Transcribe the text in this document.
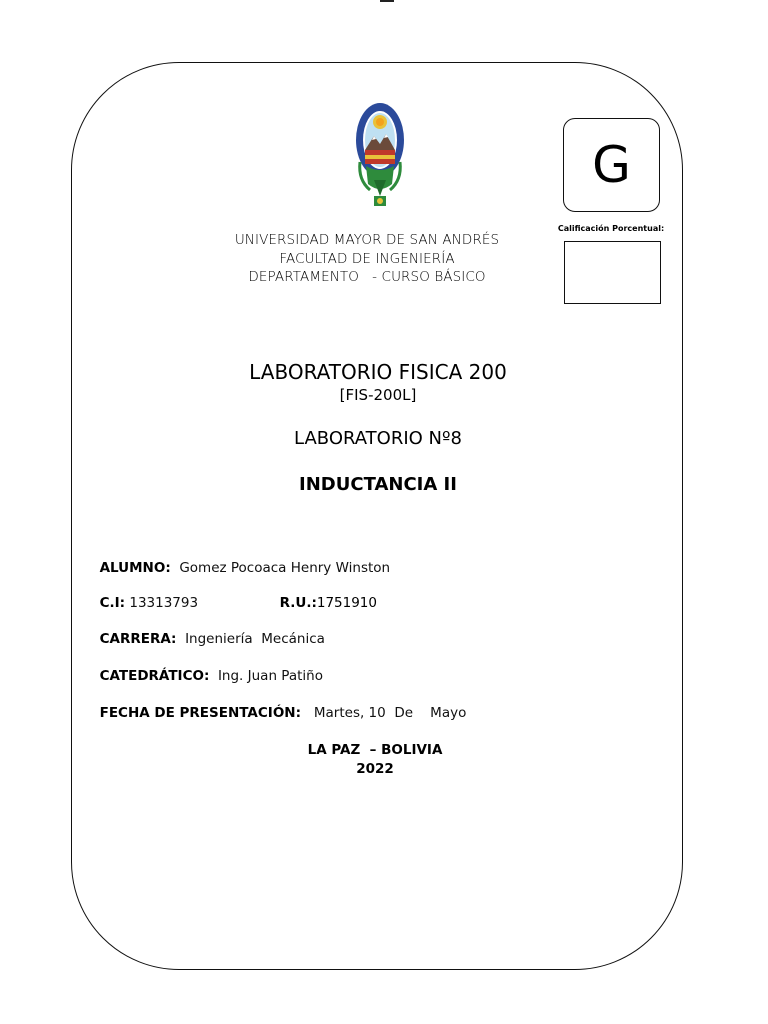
G
Calificación Porcentual:
UNIVERSIDAD MAYOR DE SAN ANDRÉS
FACULTAD DE INGENIERÍA
DEPARTAMENTO   - CURSO BÁSICO
LABORATORIO FISICA 200
[FIS-200L]
LABORATORIO Nº8
INDUCTANCIA II

ALUMNO: Gomez Pocoaca Henry Winston

C.I: 13313793	R.U.:1751910

CARRERA: Ingeniería  Mecánica

CATEDRÁTICO: Ing. Juan Patiño

FECHA DE PRESENTACIÓN: Martes, 10  De    Mayo

LA PAZ  – BOLIVIA
2022
